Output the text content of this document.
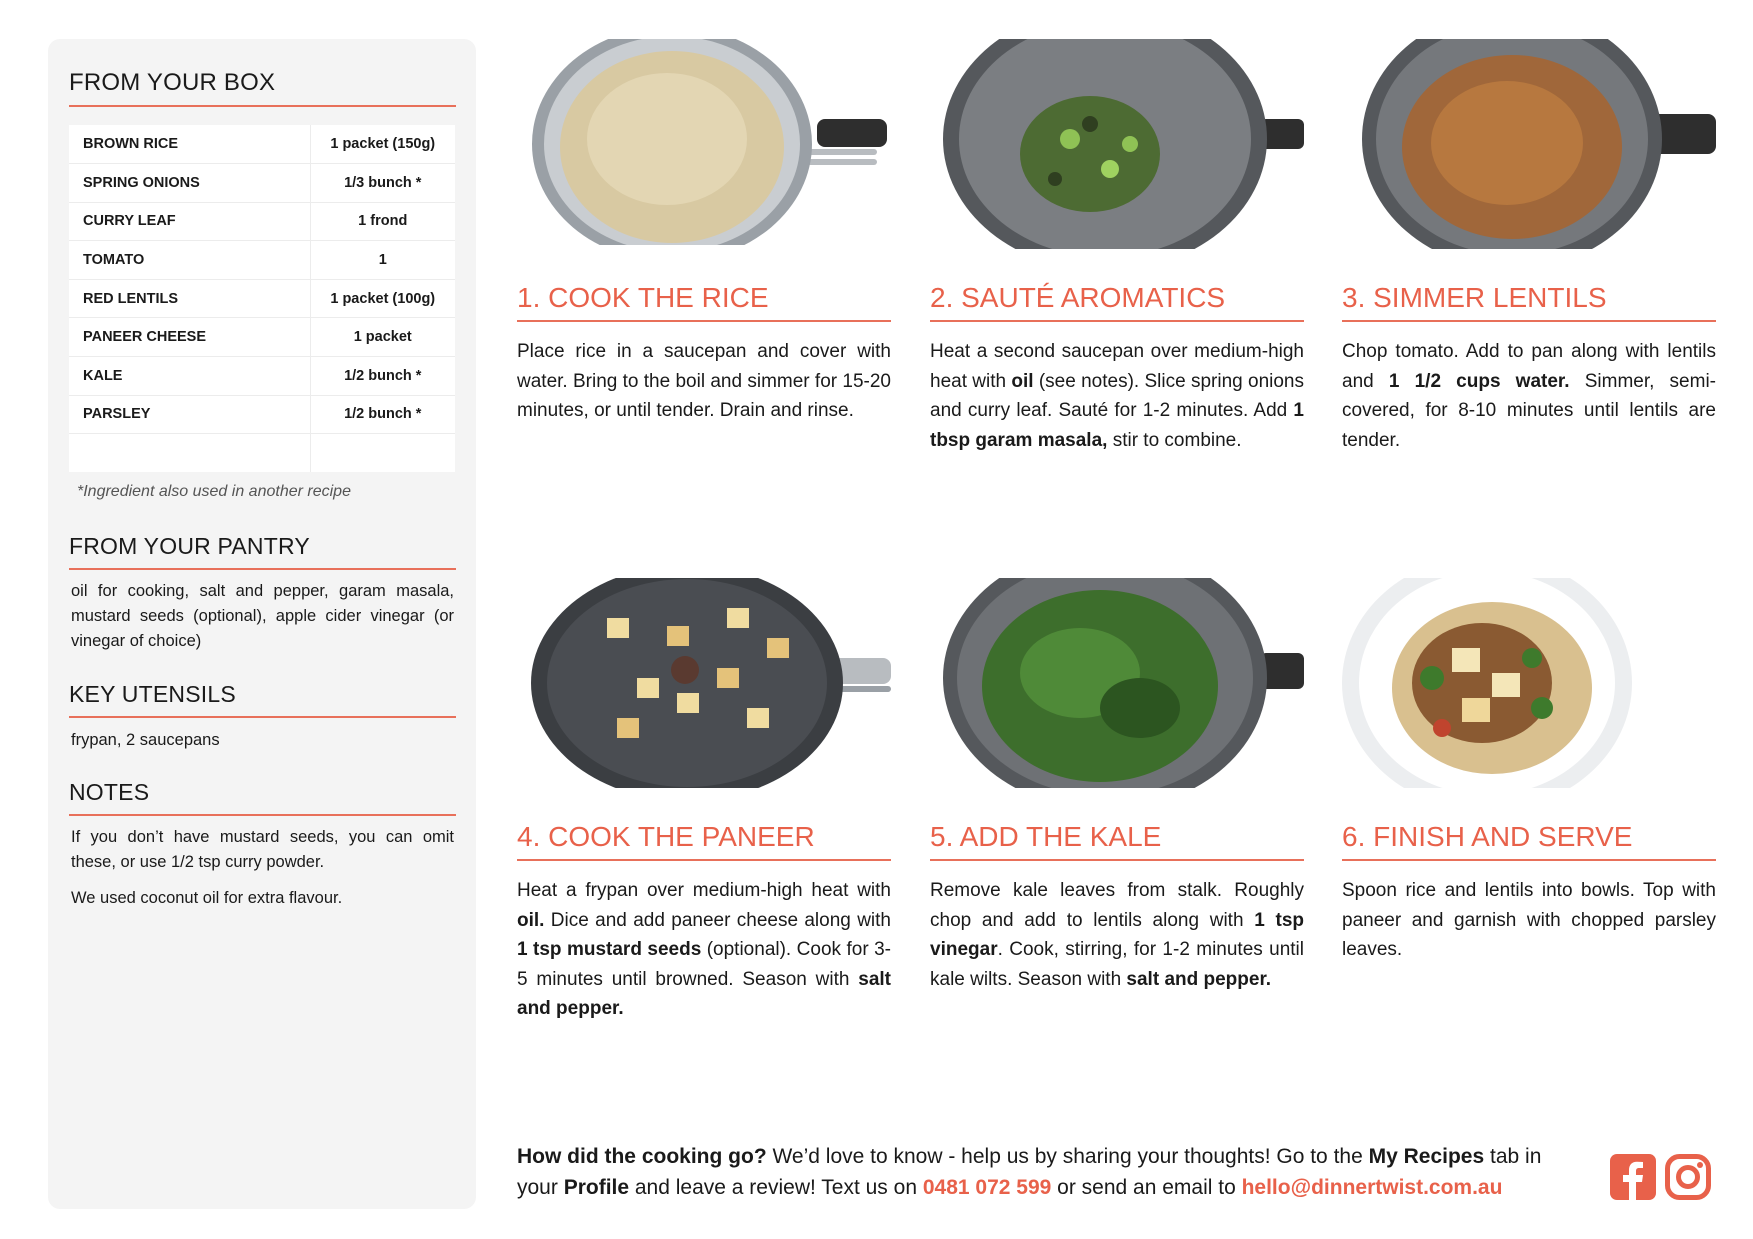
FROM YOUR BOX
BROWN RICE	1 packet (150g)
SPRING ONIONS	1/3 bunch *
CURRY LEAF	1 frond
TOMATO	1
RED LENTILS	1 packet (100g)
PANEER CHEESE	1 packet
KALE	1/2 bunch *
PARSLEY	1/2 bunch *

*Ingredient also used in another recipe
FROM YOUR PANTRY
oil for cooking, salt and pepper, garam masala, mustard seeds (optional), apple cider vinegar (or vinegar of choice)
KEY UTENSILS
frypan, 2 saucepans
NOTES
If you don’t have mustard seeds, you can omit these, or use 1/2 tsp curry powder.
We used coconut oil for extra flavour.
1. COOK THE RICE
Place rice in a saucepan and cover with water. Bring to the boil and simmer for 15-20 minutes, or until tender. Drain and rinse.
2. SAUTÉ AROMATICS
Heat a second saucepan over medium-high heat with oil (see notes). Slice spring onions and curry leaf. Sauté for 1-2 minutes. Add 1 tbsp garam masala, stir to combine.
3. SIMMER LENTILS
Chop tomato. Add to pan along with lentils and 1 1/2 cups water. Simmer, semi-covered, for 8-10 minutes until lentils are tender.
4. COOK THE PANEER
Heat a frypan over medium-high heat with oil. Dice and add paneer cheese along with 1 tsp mustard seeds (optional). Cook for 3-5 minutes until browned. Season with salt and pepper.
5. ADD THE KALE
Remove kale leaves from stalk. Roughly chop and add to lentils along with 1 tsp vinegar. Cook, stirring, for 1-2 minutes until kale wilts. Season with salt and pepper.
6. FINISH AND SERVE
Spoon rice and lentils into bowls. Top with paneer and garnish with chopped parsley leaves.
How did the cooking go? We’d love to know - help us by sharing your thoughts! Go to the My Recipes tab in your Profile and leave a review! Text us on 0481 072 599 or send an email to hello@dinnertwist.com.au
